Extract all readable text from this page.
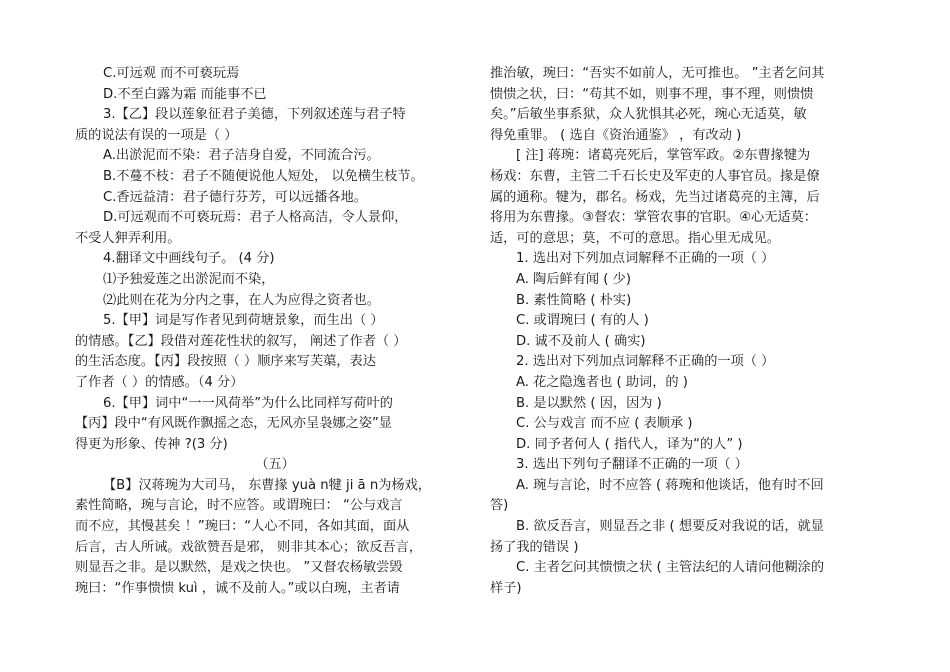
C.可远观 而不可亵玩焉
D.不至白露为霜 而能事不已
3.【乙】段以莲象征君子美德，下列叙述莲与君子特
质的说法有误的一项是（ ）
A.出淤泥而不染：君子洁身自爱，不同流合污。
B.不蔓不枝：君子不随便说他人短处， 以免横生枝节。
C.香远益清：君子德行芬芳，可以远播各地。
D.可远观而不可亵玩焉：君子人格高洁，令人景仰，
不受人狎弄利用。
4.翻译文中画线句子。 (4 分)
⑴予独爱莲之出淤泥而不染，
⑵此则在花为分内之事，在人为应得之资者也。
5.【甲】词是写作者见到荷塘景象，而生出（ ）
的情感。【乙】段借对莲花性状的叙写， 阐述了作者（ ）
的生活态度。【丙】段按照（ ）顺序来写芙蕖，表达
了作者（ ）的情感。（4 分）
6.【甲】词中“一一风荷举”为什么比同样写荷叶的
【丙】段中“有风既作飘摇之态，无风亦呈袅娜之姿”显
得更为形象、传神 ?(3 分)
（五）
【B】汉蒋琬为大司马， 东曹掾 yuà n犍 ji ā n为杨戏，
素性简略，琬与言论，时不应答。或谓琬曰： “公与戏言
而不应，其慢甚矣 ！”琬曰：“人心不同，各如其面，面从
后言，古人所诫。戏欲赞吾是邪， 则非其本心；欲反吾言，
则显吾之非。是以默然，是戏之快也。 ”又督农杨敏尝毁
琬曰：“作事愦愦 kuì ，诚不及前人。”或以白琬，主者请
推治敏，琬曰：“吾实不如前人，无可推也。 ”主者乞问其
愦愦之状，曰：“苟其不如，则事不理，事不理，则愦愦
矣。”后敏坐事系狱，众人犹惧其必死，琬心无适莫，敏
得免重罪。 ( 选自《资治通鉴》 ，有改动 )
[ 注] 蒋琬：诸葛亮死后，掌管军政。②东曹掾犍为
杨戏：东曹，主管二千石长史及军吏的人事官员。掾是僚
属的通称。犍为，郡名。杨戏，先当过诸葛亮的主簿，后
将用为东曹掾。③督农：掌管农事的官职。④心无适莫：
适，可的意思；莫，不可的意思。指心里无成见。
1. 选出对下列加点词解释不正确的一项（ ）
A. 陶后鲜有闻 ( 少)
B. 素性简略 ( 朴实)
C. 或谓琬曰 ( 有的人 )
D. 诚不及前人 ( 确实)
2. 选出对下列加点词解释不正确的一项（ ）
A. 花之隐逸者也 ( 助词，的 )
B. 是以默然 ( 因，因为 )
C. 公与戏言 而不应 ( 表顺承 )
D. 同予者何人 ( 指代人，译为“的人” )
3. 选出下列句子翻译不正确的一项（ ）
A. 琬与言论，时不应答 ( 蒋琬和他谈话，他有时不回
答)
B. 欲反吾言，则显吾之非 ( 想要反对我说的话，就显
扬了我的错误 )
C. 主者乞问其愦愦之状 ( 主管法纪的人请问他糊涂的
样子)
